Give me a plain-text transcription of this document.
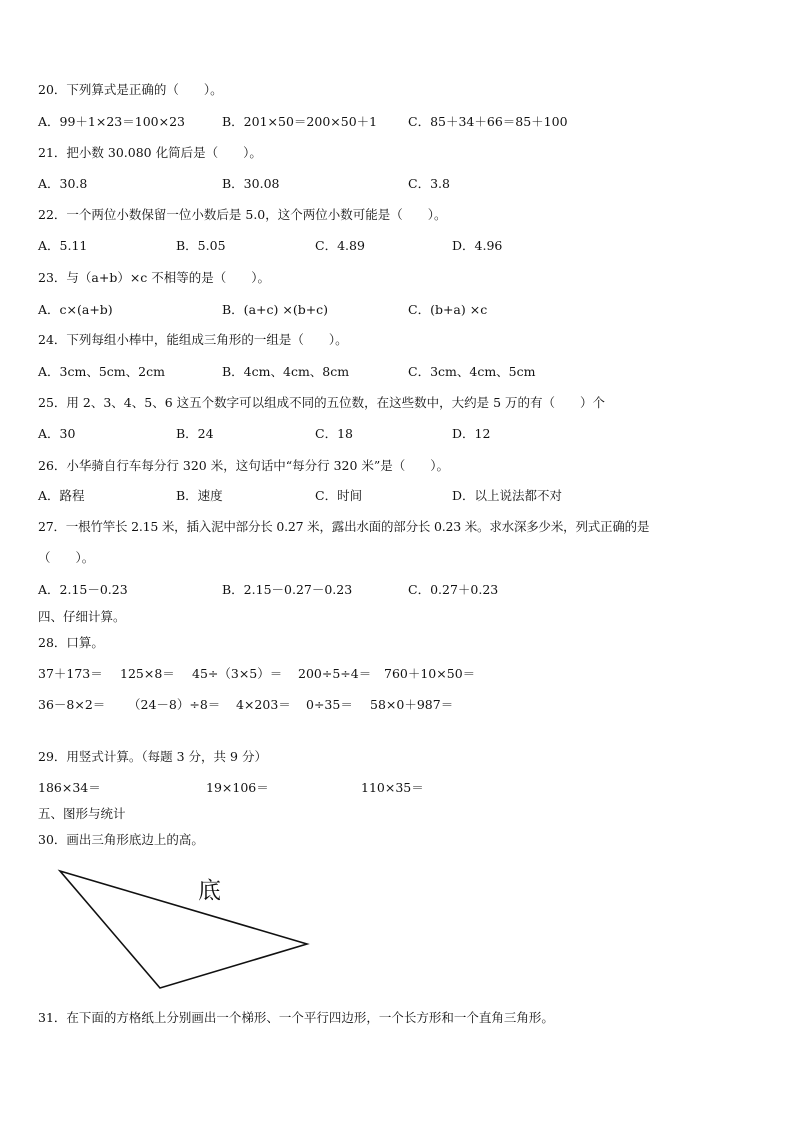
20．下列算式是正确的（　　）。
A．99＋1×23＝100×23	B．201×50＝200×50＋1 C．85＋34＋66＝85＋100
21．把小数 30.080 化简后是（　　）。
A．30.8	B．30.08	C．3.8
22．一个两位小数保留一位小数后是 5.0，这个两位小数可能是（　　）。
A．5.11	B．5.05	C．4.89	D．4.96
23．与（a+b）×c 不相等的是（　　）。
A．c×(a+b)	B．(a+c) ×(b+c)	C．(b+a) ×c
24．下列每组小棒中，能组成三角形的一组是（　　）。
A．3cm、5cm、2cm	B．4cm、4cm、8cm	C．3cm、4cm、5cm
25．用 2、3、4、5、6 这五个数字可以组成不同的五位数，在这些数中，大约是 5 万的有（　　）个
A．30	B．24	C．18	D．12
26．小华骑自行车每分行 320 米，这句话中“每分行 320 米”是（　　）。
A．路程	B．速度	C．时间	D．以上说法都不对
27．一根竹竿长 2.15 米，插入泥中部分长 0.27 米，露出水面的部分长 0.23 米。求水深多少米，列式正确的是
（　　）。
A．2.15－0.23	B．2.15－0.27－0.23	C．0.27＋0.23
四、仔细计算。
28．口算。
37＋173＝ 125×8＝ 45÷（3×5）＝ 200÷5÷4＝ 760＋10×50＝
36－8×2＝ （24－8）÷8＝ 4×203＝ 0÷35＝ 58×0＋987＝
29．用竖式计算。（每题 3 分，共 9 分）
186×34＝	19×106＝	110×35＝
五、图形与统计
30．画出三角形底边上的高。
底
31．在下面的方格纸上分别画出一个梯形、一个平行四边形，一个长方形和一个直角三角形。
